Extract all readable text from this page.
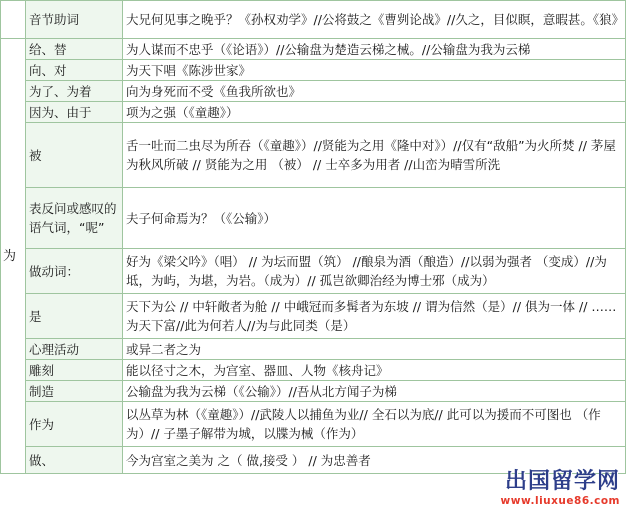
	音节助词	大兄何见事之晚乎？《孙权劝学》//公将鼓之《曹刿论战》//久之，目似瞑，意暇甚。《狼》
为	给、替	为人谋而不忠乎（《论语》）//公输盘为楚造云梯之械。//公输盘为我为云梯
	向、对	为天下唱《陈涉世家》
	为了、为着	向为身死而不受《鱼我所欲也》
	因为、由于	项为之强（《童趣》）
	被	舌一吐而二虫尽为所吞（《童趣》）//贤能为之用《隆中对》）//仅有“敌船”为火所焚 // 茅屋为秋风所破 // 贤能为之用 （被） // 士卒多为用者 //山峦为晴雪所洗
	表反问或感叹的语气词，“呢”	夫子何命焉为？（《公输》）
	做动词：	好为《梁父吟》（唱） // 为坛而盟（筑） //酿泉为酒（酿造）//以弱为强者 （变成）//为坻，为屿，为堪，为岩。（成为）// 孤岂欲卿治经为博士邪（成为）
	是	天下为公 // 中轩敞者为舱 // 中峨冠而多髯者为东坡 // 谓为信然（是）// 俱为一体 // ……为天下富//此为何若人//为与此同类（是）
	心理活动	或异二者之为
	雕刻	能以径寸之木，为宫室、器皿、人物《核舟记》
	制造	公输盘为我为云梯（《公输》）//吾从北方闻子为梯
	作为	以丛草为林（《童趣》）//武陵人以捕鱼为业// 全石以为底// 此可以为援而不可图也 （作为）// 子墨子解带为城，以牒为械（作为）
	做、	今为宫室之美为 之（ 做,接受 ） // 为忠善者
出国留学网
www.liuxue86.com
